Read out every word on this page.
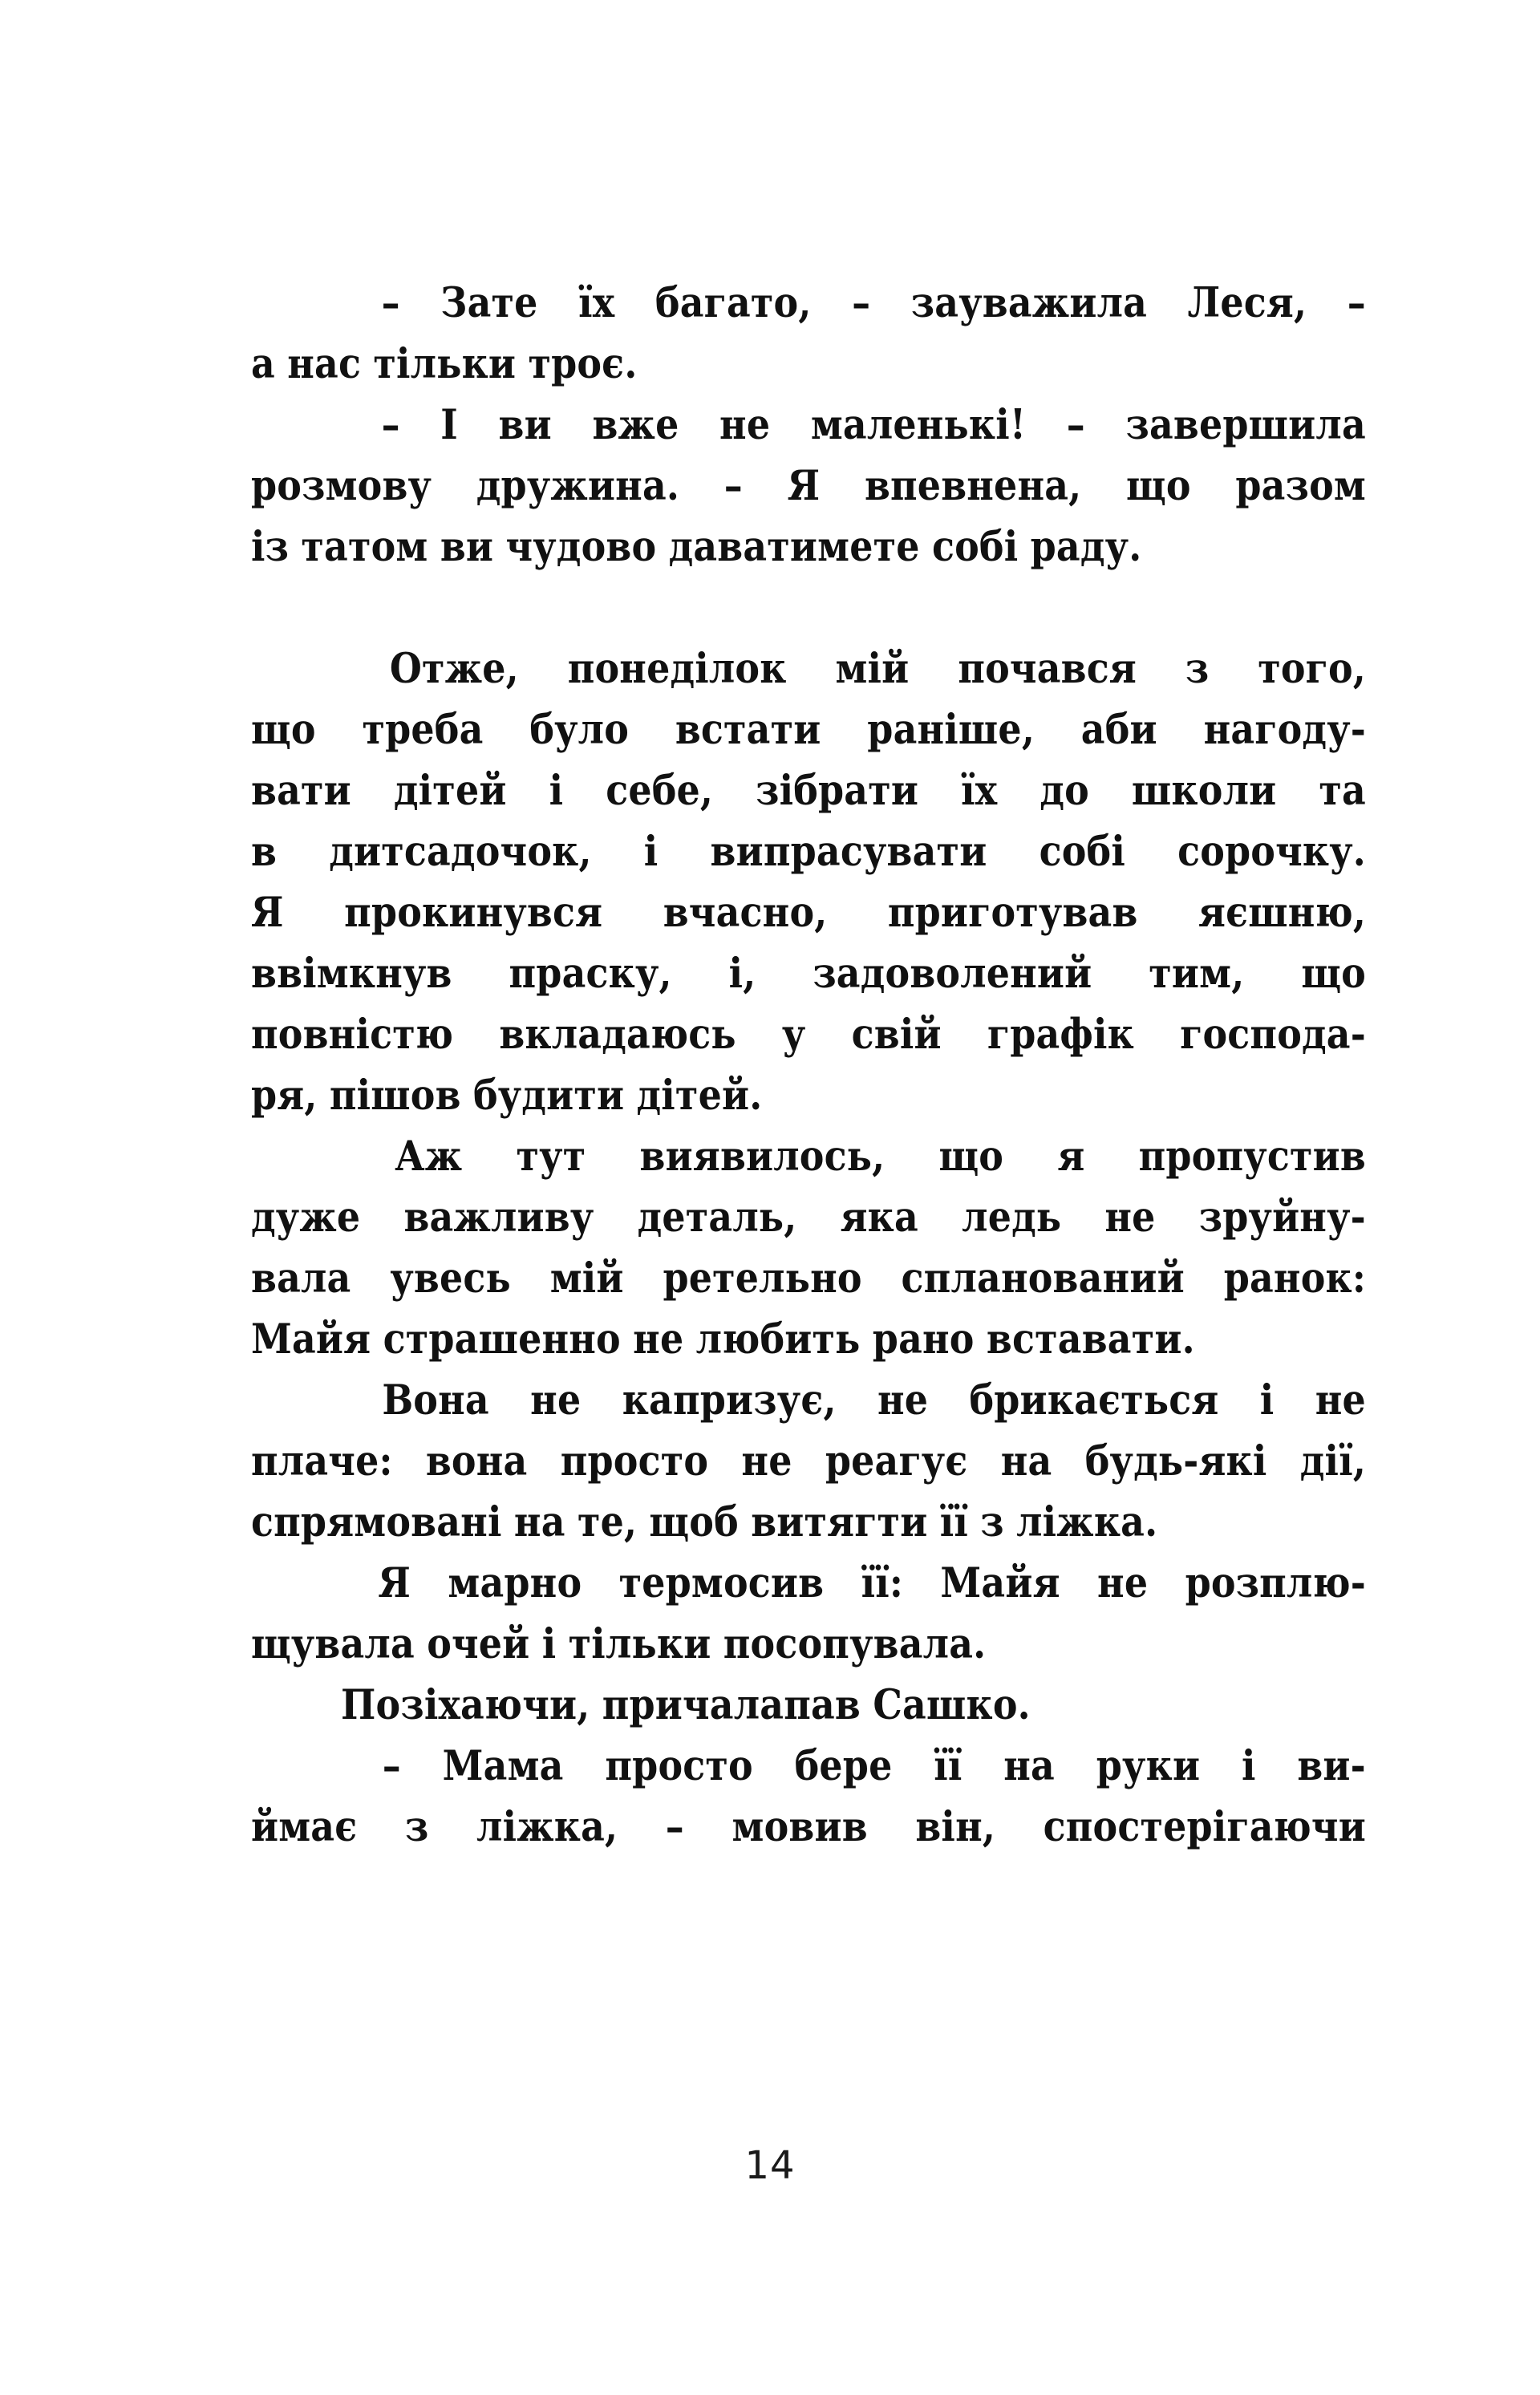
– Зате їх багато, – зауважила Леся, –
а нас тільки троє.

– І ви вже не маленькі! – завершила
розмову дружина. – Я впевнена, що разом
із татом ви чудово даватимете собі раду.

Отже, понеділок мій почався з того,
що треба було встати раніше, аби нагоду-
вати дітей і себе, зібрати їх до школи та
в дитсадочок, і випрасувати собі сорочку.
Я прокинувся вчасно, приготував яєшню,
ввімкнув праску, і, задоволений тим, що
повністю вкладаюсь у свій графік господа-
ря, пішов будити дітей.

Аж тут виявилось, що я пропустив
дуже важливу деталь, яка ледь не зруйну-
вала увесь мій ретельно спланований ранок:
Майя страшенно не любить рано вставати.

Вона не капризує, не брикається і не
плаче: вона просто не реагує на будь-які дії,
спрямовані на те, щоб витягти її з ліжка.

Я марно термосив її: Майя не розплю-
щувала очей і тільки посопувала.

Позіхаючи, причалапав Сашко.

– Мама просто бере її на руки і ви-
ймає з ліжка, – мовив він, спостерігаючи

14
